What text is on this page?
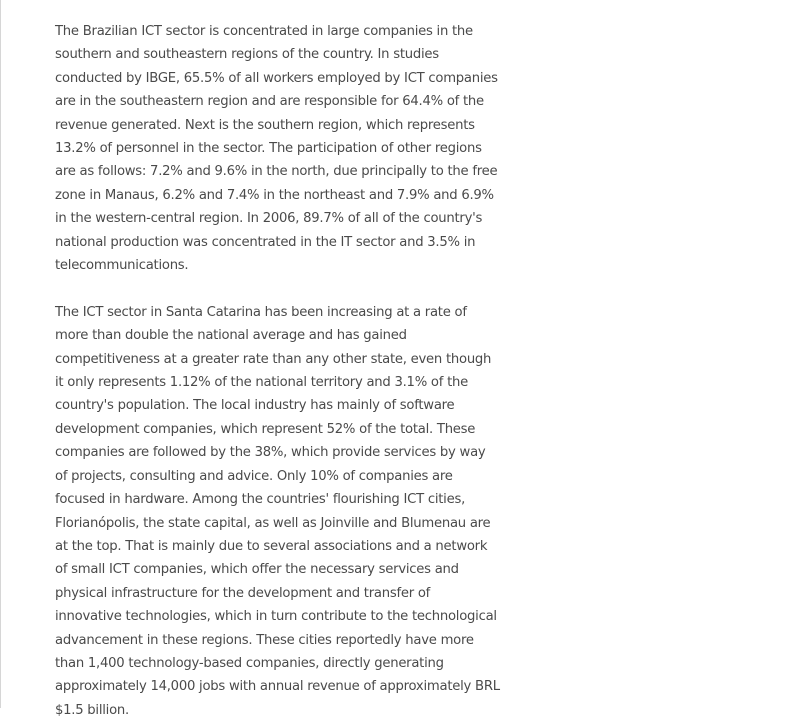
The Brazilian ICT sector is concentrated in large companies in the southern and southeastern regions of the country. In studies conducted by IBGE, 65.5% of all workers employed by ICT companies are in the southeastern region and are responsible for 64.4% of the revenue generated. Next is the southern region, which represents 13.2% of personnel in the sector. The participation of other regions are as follows: 7.2% and 9.6% in the north, due principally to the free zone in Manaus, 6.2% and 7.4% in the northeast and 7.9% and 6.9% in the western-central region. In 2006, 89.7% of all of the country's national production was concentrated in the IT sector and 3.5% in telecommunications.

The ICT sector in Santa Catarina has been increasing at a rate of more than double the national average and has gained competitiveness at a greater rate than any other state, even though it only represents 1.12% of the national territory and 3.1% of the country's population. The local industry has mainly of software development companies, which represent 52% of the total. These companies are followed by the 38%, which provide services by way of projects, consulting and advice. Only 10% of companies are focused in hardware. Among the countries' flourishing ICT cities, Florianópolis, the state capital, as well as Joinville and Blumenau are at the top. That is mainly due to several associations and a network of small ICT companies, which offer the necessary services and physical infrastructure for the development and transfer of innovative technologies, which in turn contribute to the technological advancement in these regions. These cities reportedly have more than 1,400 technology-based companies, directly generating approximately 14,000 jobs with annual revenue of approximately BRL $1.5 billion.
